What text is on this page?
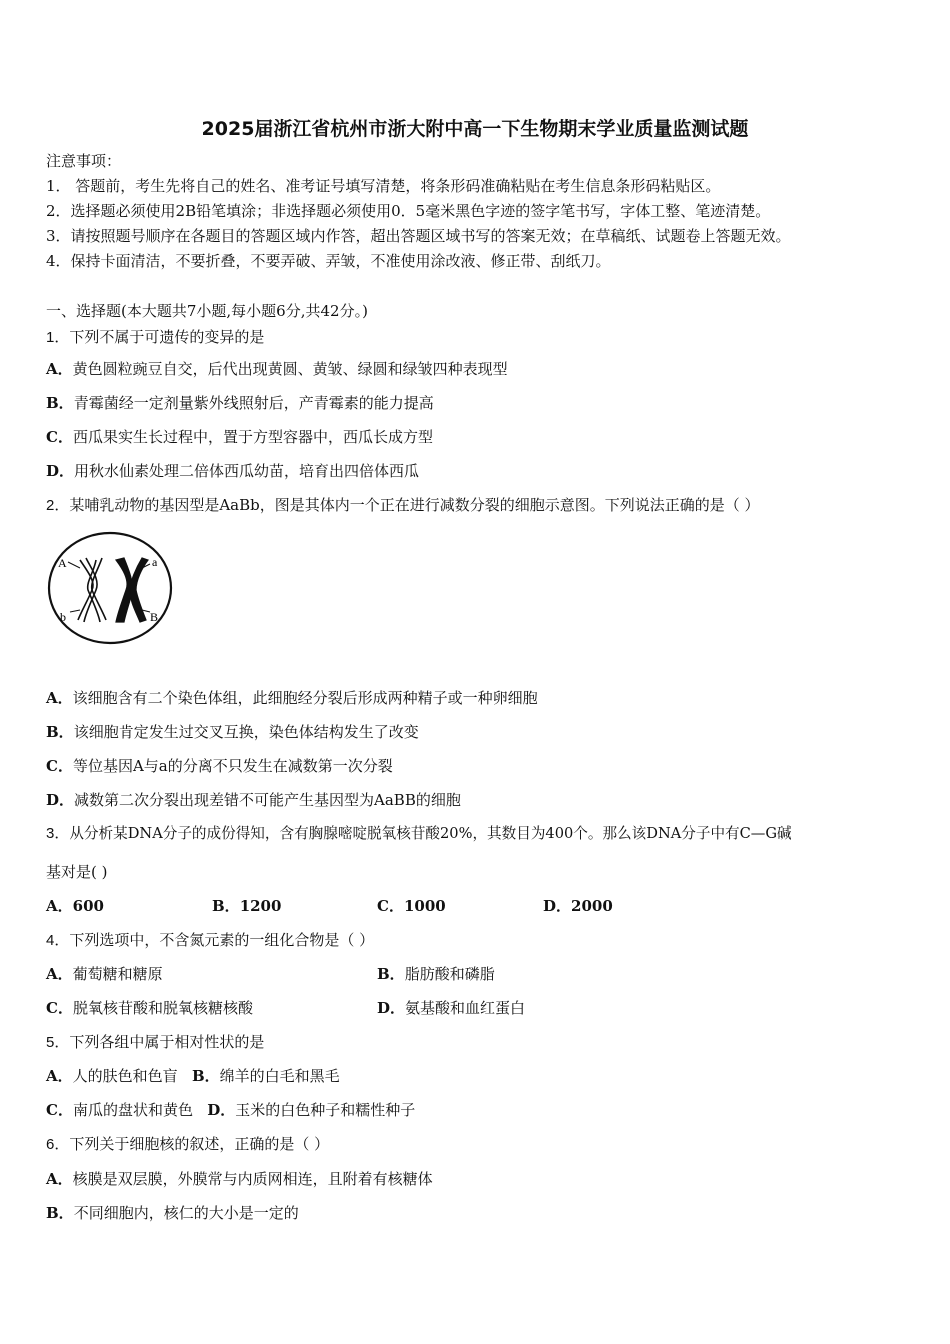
2025届浙江省杭州市浙大附中高一下生物期末学业质量监测试题
注意事项：
1． 答题前，考生先将自己的姓名、准考证号填写清楚，将条形码准确粘贴在考生信息条形码粘贴区。
2．选择题必须使用2B铅笔填涂；非选择题必须使用0．5毫米黑色字迹的签字笔书写，字体工整、笔迹清楚。
3．请按照题号顺序在各题目的答题区域内作答，超出答题区域书写的答案无效；在草稿纸、试题卷上答题无效。
4．保持卡面清洁，不要折叠，不要弄破、弄皱，不准使用涂改液、修正带、刮纸刀。
一、选择题(本大题共7小题,每小题6分,共42分。)
1．下列不属于可遗传的变异的是
A．黄色圆粒豌豆自交，后代出现黄圆、黄皱、绿圆和绿皱四种表现型
B．青霉菌经一定剂量紫外线照射后，产青霉素的能力提高
C．西瓜果实生长过程中，置于方型容器中，西瓜长成方型
D．用秋水仙素处理二倍体西瓜幼苗，培育出四倍体西瓜
2．某哺乳动物的基因型是AaBb，图是其体内一个正在进行减数分裂的细胞示意图。下列说法正确的是（ ）
A
b
a
B
A．该细胞含有二个染色体组，此细胞经分裂后形成两种精子或一种卵细胞
B．该细胞肯定发生过交叉互换，染色体结构发生了改变
C．等位基因A与a的分离不只发生在减数第一次分裂
D．减数第二次分裂出现差错不可能产生基因型为AaBB的细胞
3．从分析某DNA分子的成份得知，含有胸腺嘧啶脱氧核苷酸20%，其数目为400个。那么该DNA分子中有C—G碱
基对是( )
A．600	B．1200	C．1000	D．2000
4．下列选项中，不含氮元素的一组化合物是（ ）
A．葡萄糖和糖原	B．脂肪酸和磷脂
C．脱氧核苷酸和脱氧核糖核酸	D．氨基酸和血红蛋白
5．下列各组中属于相对性状的是
A．人的肤色和色盲 B．绵羊的白毛和黑毛
C．南瓜的盘状和黄色 D．玉米的白色种子和糯性种子
6．下列关于细胞核的叙述，正确的是（ ）
A．核膜是双层膜，外膜常与内质网相连，且附着有核糖体
B．不同细胞内，核仁的大小是一定的
